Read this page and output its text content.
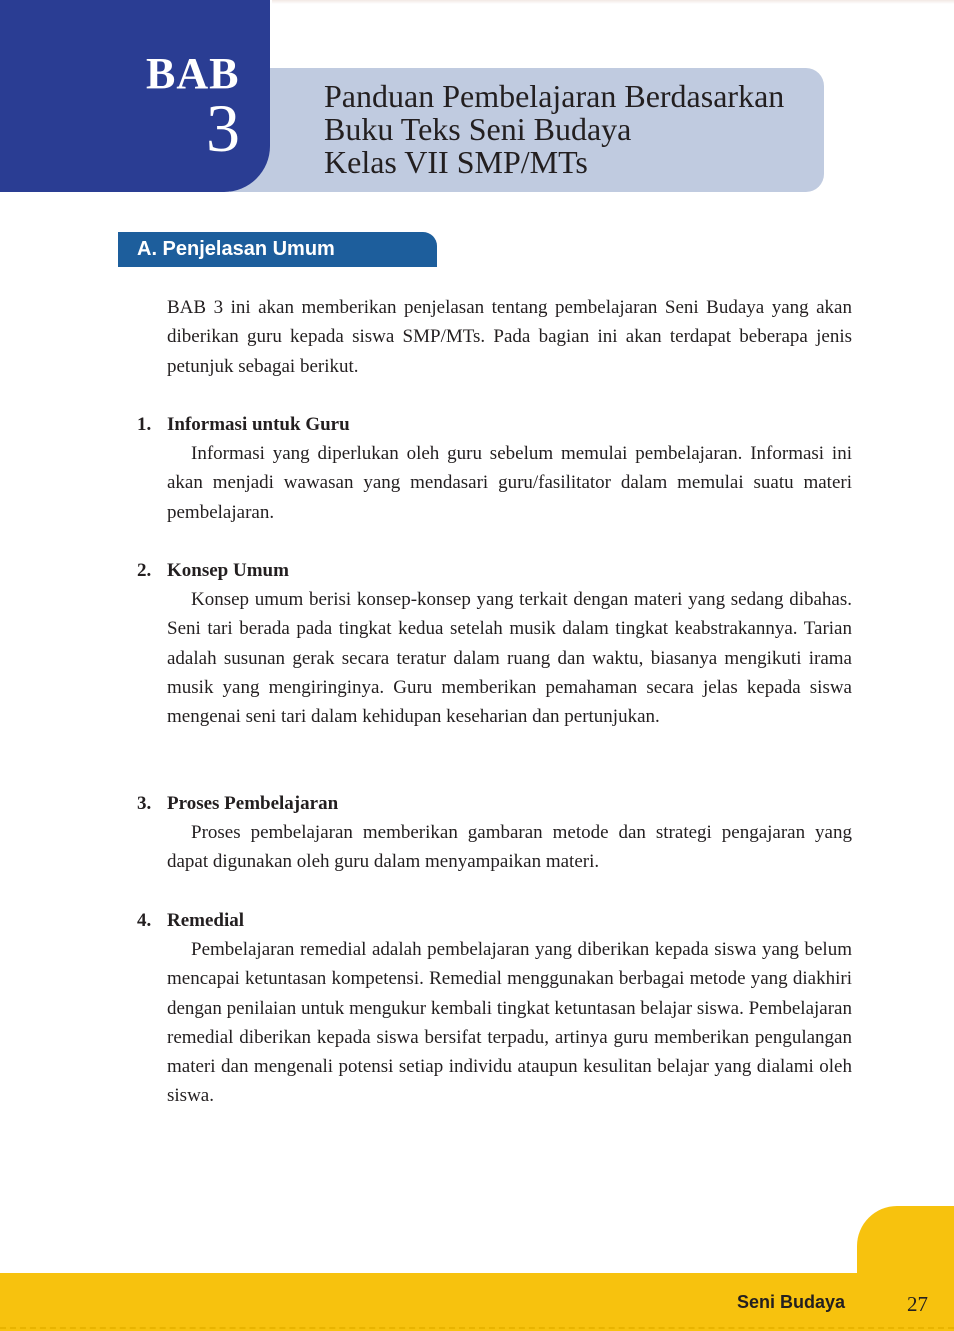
BAB
3	Panduan Pembelajaran Berdasarkan
Buku Teks Seni Budaya
Kelas VII SMP/MTs
A. Penjelasan Umum
BAB 3 ini akan memberikan penjelasan tentang pembelajaran Seni Budaya yang akan diberikan guru kepada siswa SMP/MTs. Pada bagian ini akan terdapat beberapa jenis petunjuk sebagai berikut.
1. Informasi untuk Guru
Informasi yang diperlukan oleh guru sebelum memulai pembelajaran. Informasi ini akan menjadi wawasan yang mendasari guru/fasilitator dalam memulai suatu materi pembelajaran.
2. Konsep Umum
Konsep umum berisi konsep-konsep yang terkait dengan materi yang sedang dibahas. Seni tari berada pada tingkat kedua setelah musik dalam tingkat keabstrakannya. Tarian adalah susunan gerak secara teratur dalam ruang dan waktu, biasanya mengikuti irama musik yang mengiringinya. Guru memberikan pemahaman secara jelas kepada siswa mengenai seni tari dalam kehidupan keseharian dan pertunjukan.
3. Proses Pembelajaran
Proses pembelajaran memberikan gambaran metode dan strategi pengajaran yang dapat digunakan oleh guru dalam menyampaikan materi.
4. Remedial
Pembelajaran remedial adalah pembelajaran yang diberikan kepada siswa yang belum mencapai ketuntasan kompetensi. Remedial menggunakan berbagai metode yang diakhiri dengan penilaian untuk mengukur kembali tingkat ketuntasan belajar siswa. Pembelajaran remedial diberikan kepada siswa bersifat terpadu, artinya guru memberikan pengulangan materi dan mengenali potensi setiap individu ataupun kesulitan belajar yang dialami oleh siswa.
Seni Budaya	27
